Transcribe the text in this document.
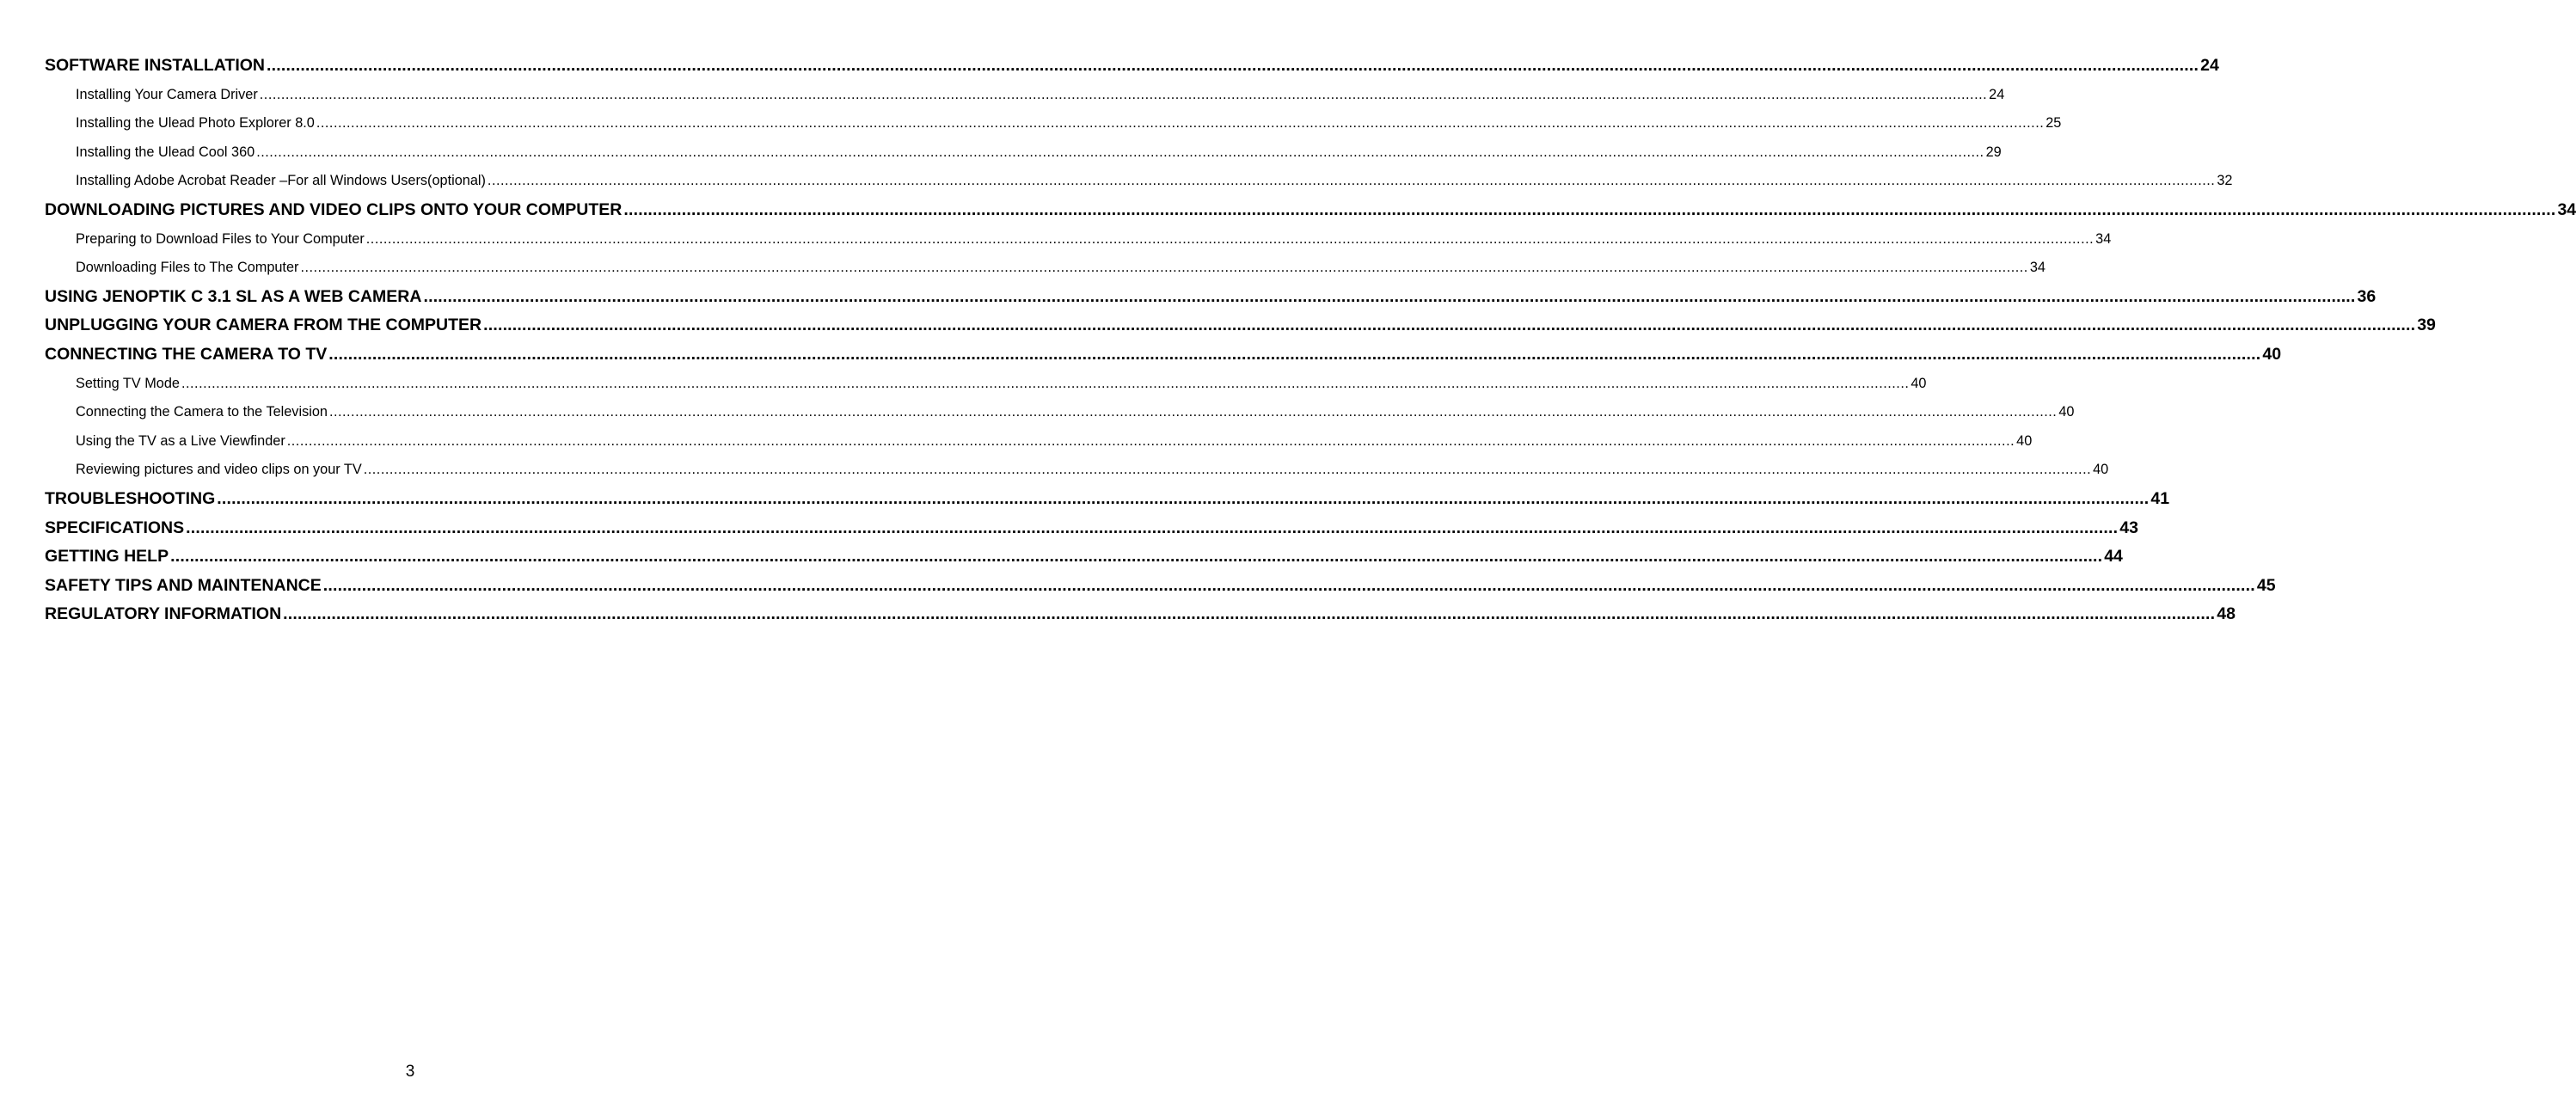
SOFTWARE INSTALLATION ................................................................................................................................................................................................................................................................................................................................................................................................................ 24
Installing Your Camera Driver ................................................................................................................................................................................................................................................................................................................................................................................................................ 24
Installing the Ulead Photo Explorer 8.0 ................................................................................................................................................................................................................................................................................................................................................................................................................ 25
Installing the Ulead Cool 360 ................................................................................................................................................................................................................................................................................................................................................................................................................ 29
Installing Adobe Acrobat Reader –For all Windows Users(optional) ................................................................................................................................................................................................................................................................................................................................................................................................................ 32
DOWNLOADING PICTURES AND VIDEO CLIPS ONTO YOUR COMPUTER ................................................................................................................................................................................................................................................................................................................................................................................................................ 34
Preparing to Download Files to Your Computer ................................................................................................................................................................................................................................................................................................................................................................................................................ 34
Downloading Files to The Computer ................................................................................................................................................................................................................................................................................................................................................................................................................ 34
USING JENOPTIK C 3.1 SL AS A WEB CAMERA ................................................................................................................................................................................................................................................................................................................................................................................................................ 36
UNPLUGGING YOUR CAMERA FROM THE COMPUTER ................................................................................................................................................................................................................................................................................................................................................................................................................ 39
CONNECTING THE CAMERA TO TV ................................................................................................................................................................................................................................................................................................................................................................................................................ 40
Setting TV Mode ................................................................................................................................................................................................................................................................................................................................................................................................................ 40
Connecting the Camera to the Television ................................................................................................................................................................................................................................................................................................................................................................................................................ 40
Using the TV as a Live Viewfinder ................................................................................................................................................................................................................................................................................................................................................................................................................ 40
Reviewing pictures and video clips on your TV ................................................................................................................................................................................................................................................................................................................................................................................................................ 40
TROUBLESHOOTING ................................................................................................................................................................................................................................................................................................................................................................................................................ 41
SPECIFICATIONS ................................................................................................................................................................................................................................................................................................................................................................................................................ 43
GETTING HELP ................................................................................................................................................................................................................................................................................................................................................................................................................ 44
SAFETY TIPS AND MAINTENANCE ................................................................................................................................................................................................................................................................................................................................................................................................................ 45
REGULATORY INFORMATION ................................................................................................................................................................................................................................................................................................................................................................................................................ 48
3
